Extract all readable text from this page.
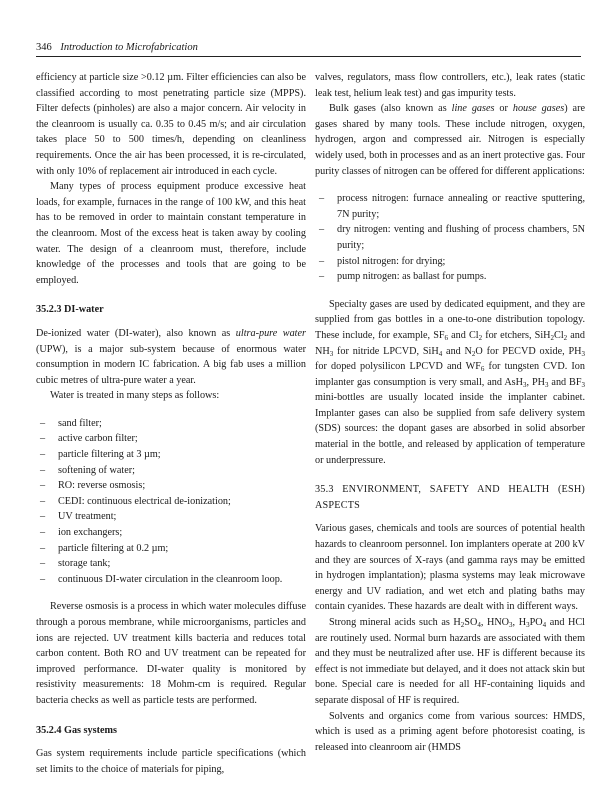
346 Introduction to Microfabrication

efficiency at particle size >0.12 µm. Filter efficiencies can also be classified according to most penetrating particle size (MPPS). Filter defects (pinholes) are also a major concern. Air velocity in the cleanroom is usually ca. 0.35 to 0.45 m/s; and air circulation takes place 50 to 500 times/h, depending on cleanliness requirements. Once the air has been processed, it is re-circulated, with only 10% of replacement air introduced in each cycle.

Many types of process equipment produce excessive heat loads, for example, furnaces in the range of 100 kW, and this heat has to be removed in order to maintain constant temperature in the cleanroom. Most of the excess heat is taken away by cooling water. The design of a cleanroom must, therefore, include knowledge of the processes and tools that are going to be employed.

35.2.3 DI-water

De-ionized water (DI-water), also known as ultra-pure water (UPW), is a major sub-system because of enormous water consumption in modern IC fabrication. A big fab uses a million cubic metres of ultra-pure water a year.

Water is treated in many steps as follows:

– sand filter;
– active carbon filter;
– particle filtering at 3 µm;
– softening of water;
– RO: reverse osmosis;
– CEDI: continuous electrical de-ionization;
– UV treatment;
– ion exchangers;
– particle filtering at 0.2 µm;
– storage tank;
– continuous DI-water circulation in the cleanroom loop.

Reverse osmosis is a process in which water molecules diffuse through a porous membrane, while microorganisms, particles and ions are rejected. UV treatment kills bacteria and reduces total carbon content. Both RO and UV treatment can be repeated for improved performance. DI-water quality is monitored by resistivity measurements: 18 Mohm-cm is required. Regular bacteria checks as well as particle tests are performed.

35.2.4 Gas systems

Gas system requirements include particle specifications (which set limits to the choice of materials for piping,

valves, regulators, mass flow controllers, etc.), leak rates (static leak test, helium leak test) and gas impurity tests.

Bulk gases (also known as line gases or house gases) are gases shared by many tools. These include nitrogen, oxygen, hydrogen, argon and compressed air. Nitrogen is especially widely used, both in processes and as an inert protective gas. Four purity classes of nitrogen can be offered for different applications:

– process nitrogen: furnace annealing or reactive sputtering, 7N purity;
– dry nitrogen: venting and flushing of process chambers, 5N purity;
– pistol nitrogen: for drying;
– pump nitrogen: as ballast for pumps.

Specialty gases are used by dedicated equipment, and they are supplied from gas bottles in a one-to-one distribution topology. These include, for example, $SF_6$ and $Cl_2$ for etchers, $SiH_2Cl_2$ and $NH_3$ for nitride LPCVD, SiH$_4$ and $N_2O$ for PECVD oxide, $PH_3$ for doped polysilicon LPCVD and $WF_6$ for tungsten CVD. Ion implanter gas consumption is very small, and AsH$_3$, $PH_3$ and $BF_3$ mini-bottles are usually located inside the implanter cabinet. Implanter gases can also be supplied from safe delivery system (SDS) sources: the dopant gases are absorbed in solid absorber material in the bottle, and released by application of temperature or underpressure.

35.3 ENVIRONMENT, SAFETY AND HEALTH (ESH) ASPECTS

Various gases, chemicals and tools are sources of potential health hazards to cleanroom personnel. Ion implanters operate at 200 kV and they are sources of X-rays (and gamma rays may be emitted in hydrogen implantation); plasma systems may leak microwave energy and UV radiation, and wet etch and plating baths may contain cyanides. These hazards are dealt with in different ways.

Strong mineral acids such as $H_2SO_4$, $HNO_3$, $H_3PO_4$ and HCl are routinely used. Normal burn hazards are associated with them and they must be neutralized after use. HF is different because its effect is not immediate but delayed, and it does not attack skin but bone. Special care is needed for all HF-containing liquids and separate disposal of HF is required.

Solvents and organics come from various sources: HMDS, which is used as a priming agent before photoresist coating, is released into cleanroom air (HMDS
